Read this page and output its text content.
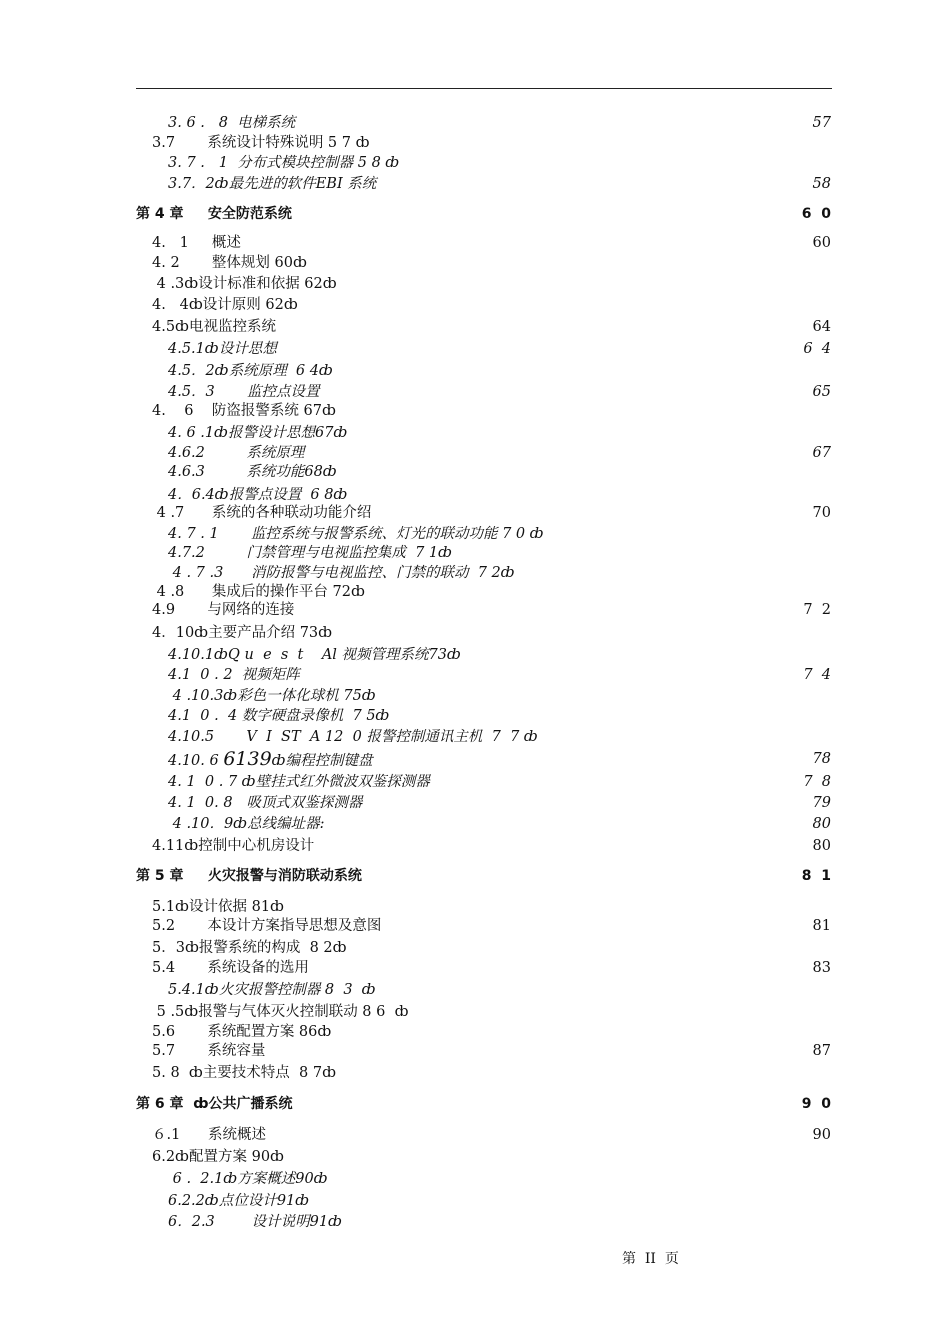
3. 6 .   8  电梯系统	57
3.7       系统设计特殊说明 5 7 ȸ
3. 7 .   1  分布式模块控制器 5 8 ȸ
3.7．2ȸ最先进的软件EBI 系统	58
第 4 章     安全防范系统	6  0
4.   1     概述	60
4. 2       整体规划 60ȸ
4 .3ȸ设计标准和依据 62ȸ
4.   4ȸ设计原则 62ȸ
4.5ȸ电视监控系统	64
4.5.1ȸ设计思想	6  4
4.5．2ȸ系统原理  6 4ȸ
4.5．3       监控点设置	65
4.    6    防盗报警系统 67ȸ
4. 6 .1ȸ报警设计思想67ȸ
4.6.2         系统原理	67
4.6.3         系统功能68ȸ
4．6.4ȸ报警点设置  6 8ȸ
4 .7      系统的各种联动功能介绍	70
4. 7 . 1       监控系统与报警系统、灯光的联动功能 7 0 ȸ
4.7.2         门禁管理与电视监控集成  7 1ȸ
4 . 7 .3      消防报警与电视监控、门禁的联动  7 2ȸ
4 .8      集成后的操作平台 72ȸ
4.9       与网络的连接	7  2
4．10ȸ主要产品介绍 73ȸ
4.10.1ȸQ u  e  s  t    Al 视频管理系统73ȸ
4.1  0 . 2  视频矩阵	7  4
4 .10.3ȸ彩色一体化球机 75ȸ
4.1  0 .  4 数字硬盘录像机  7 5ȸ
4.10.5       V  I  ST  A 12  0 报警控制通讯主机  7  7 ȸ
4.10. 6 6139ȸ编程控制键盘	78
4. 1  0 . 7 ȸ壁挂式红外微波双鉴探测器	7  8
4. 1  0. 8   吸顶式双鉴探测器	79
4 .10．9ȸ总线编址器:	80
4.11ȸ控制中心机房设计	80
第 5 章     火灾报警与消防联动系统	8  1
5.1ȸ设计依据 81ȸ
5.2       本设计方案指导思想及意图	81
5．3ȸ报警系统的构成  8 2ȸ
5.4       系统设备的选用	83
5.4.1ȸ火灾报警控制器 8  3  ȸ
5 .5ȸ报警与气体灭火控制联动 8 6  ȸ
5.6       系统配置方案 86ȸ
5.7       系统容量	87
5. 8  ȸ主要技术特点  8 7ȸ
第 6 章  ȸ公共广播系统	9  0
６.1      系统概述	90
6.2ȸ配置方案 90ȸ
6 .  2.1ȸ方案概述90ȸ
6.2.2ȸ点位设计91ȸ
6．2.3        设计说明91ȸ
第  II  页
